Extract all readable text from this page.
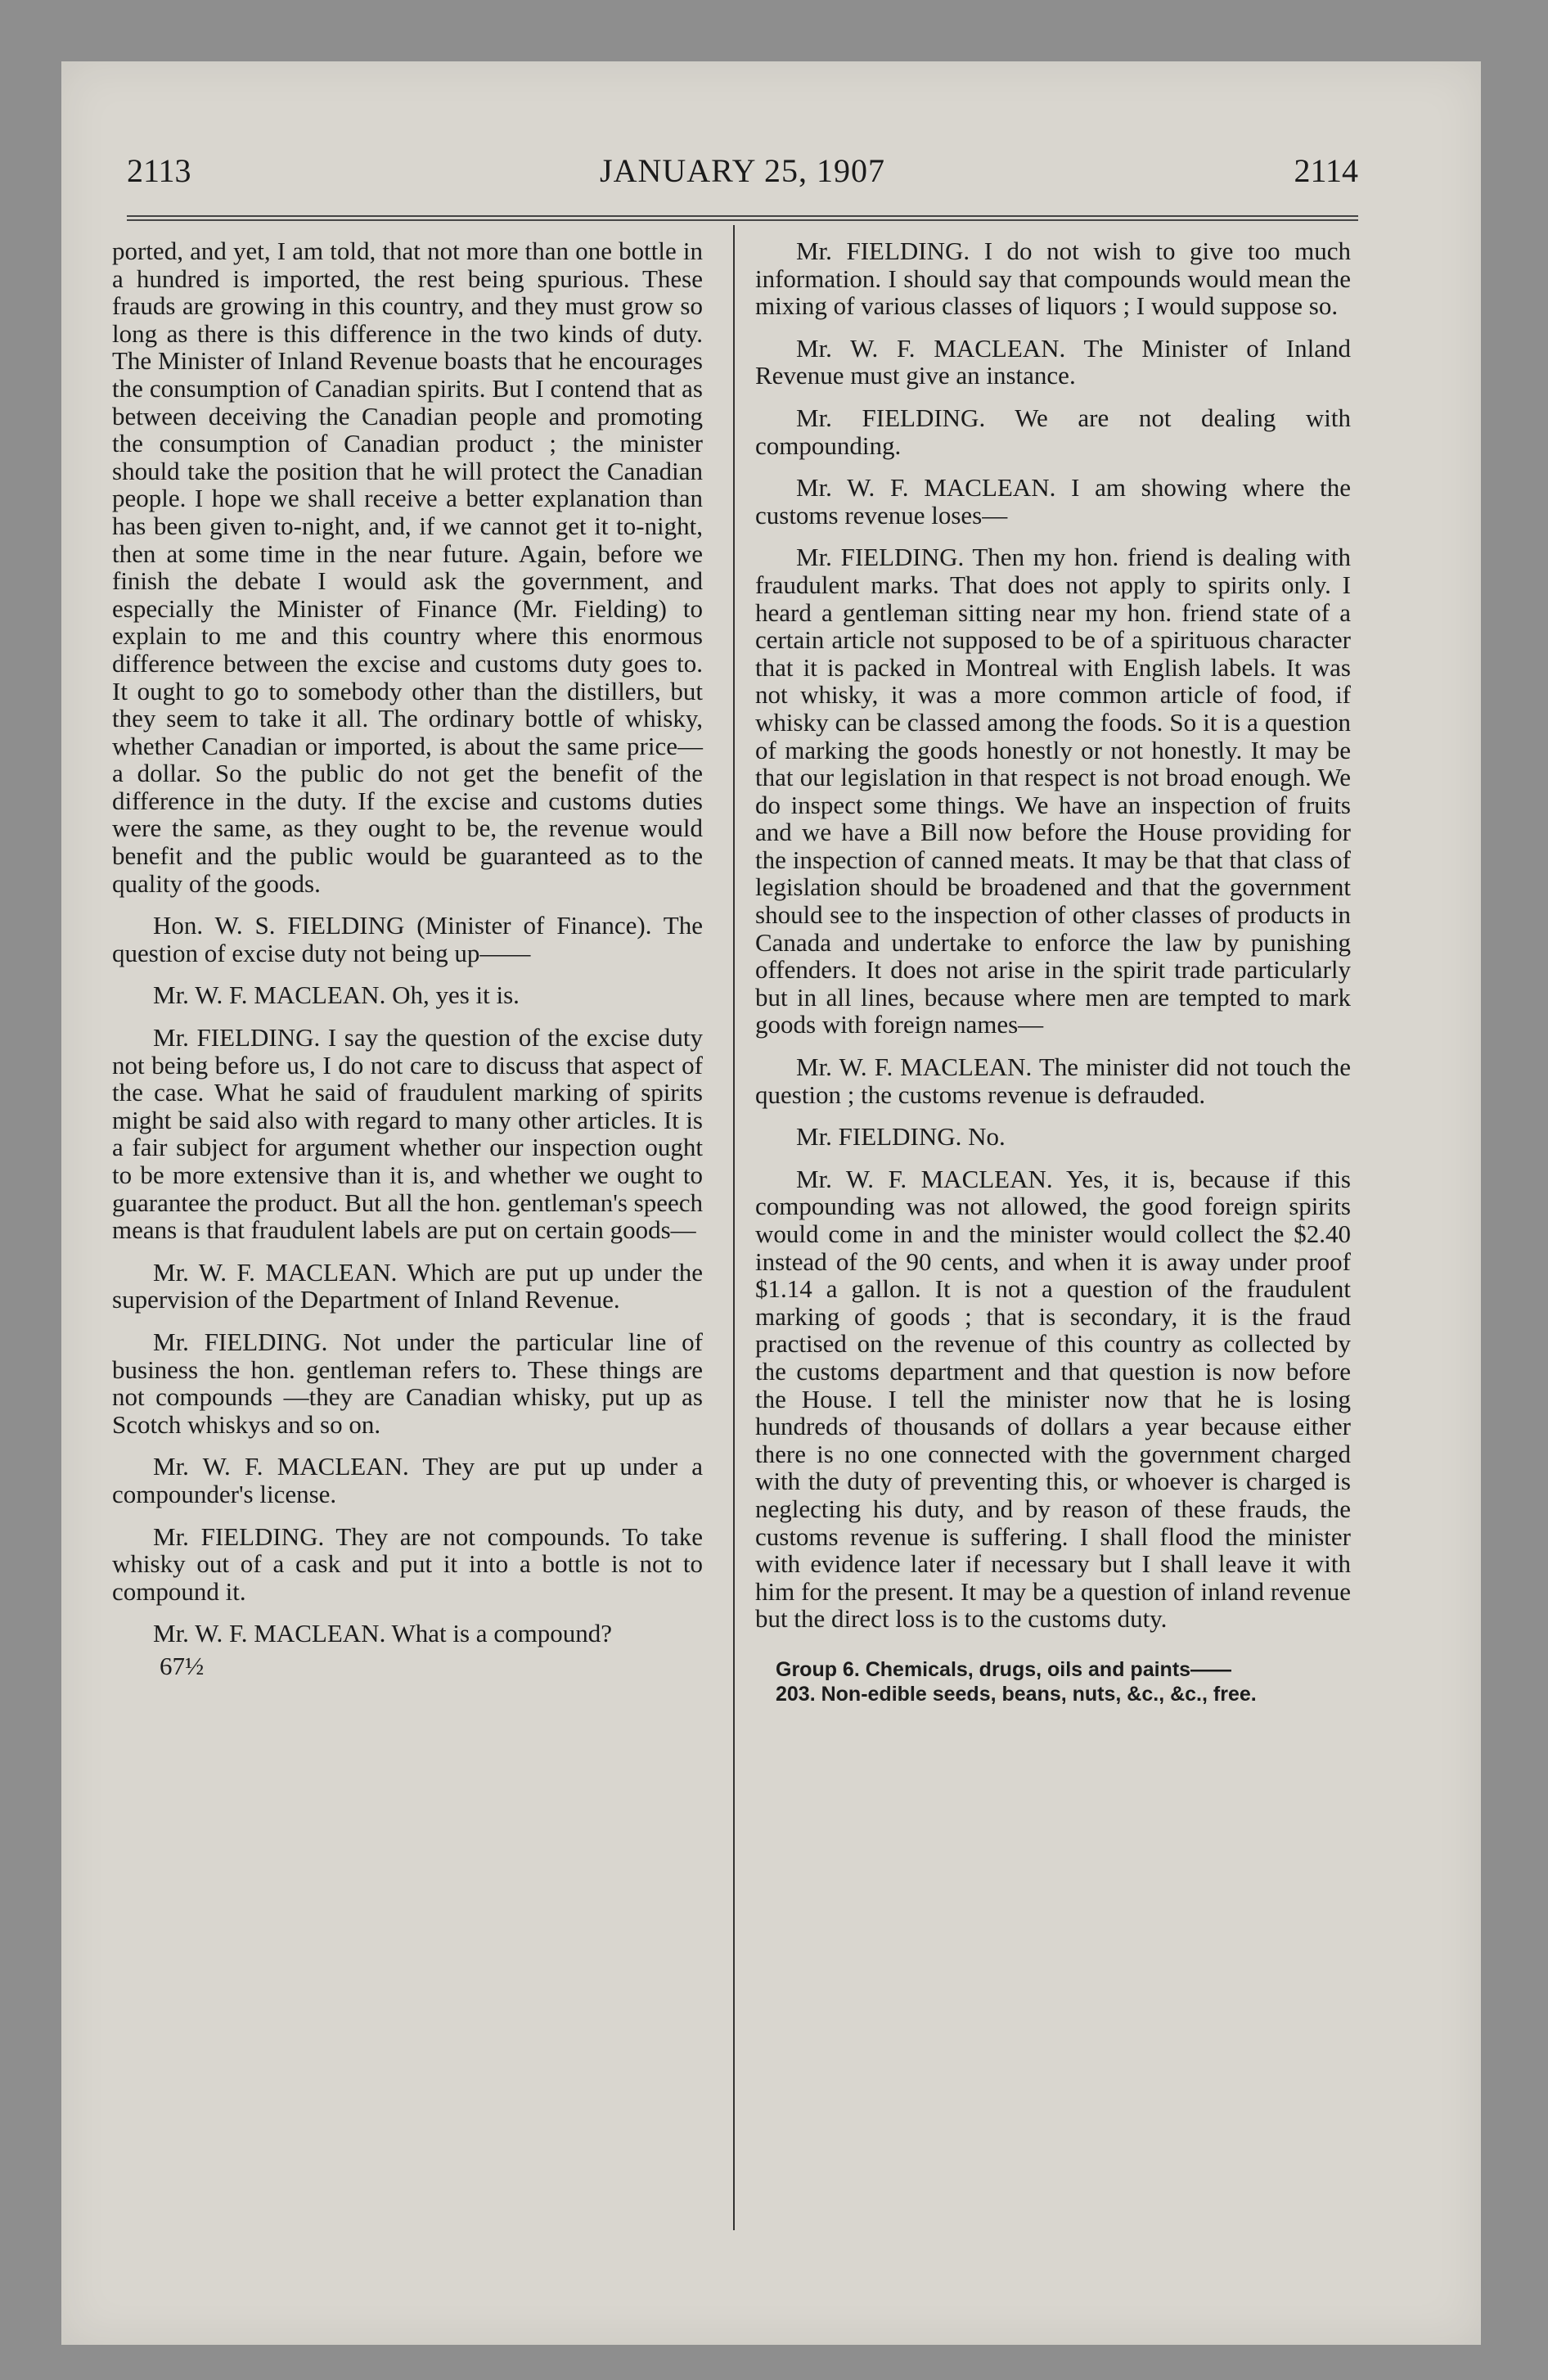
2113	JANUARY 25, 1907	2114

ported, and yet, I am told, that not more than one bottle in a hundred is imported, the rest being spurious. These frauds are growing in this country, and they must grow so long as there is this difference in the two kinds of duty. The Minister of Inland Revenue boasts that he encourages the consumption of Canadian spirits. But I contend that as between deceiving the Canadian people and promoting the consumption of Canadian product ; the minister should take the position that he will protect the Canadian people. I hope we shall receive a better explanation than has been given to-night, and, if we cannot get it to-night, then at some time in the near future. Again, before we finish the debate I would ask the government, and especially the Minister of Finance (Mr. Fielding) to explain to me and this country where this enormous difference between the excise and customs duty goes to. It ought to go to somebody other than the distillers, but they seem to take it all. The ordinary bottle of whisky, whether Canadian or imported, is about the same price—a dollar. So the public do not get the benefit of the difference in the duty. If the excise and customs duties were the same, as they ought to be, the revenue would benefit and the public would be guaranteed as to the quality of the goods.

Hon. W. S. FIELDING (Minister of Finance). The question of excise duty not being up——

Mr. W. F. MACLEAN. Oh, yes it is.

Mr. FIELDING. I say the question of the excise duty not being before us, I do not care to discuss that aspect of the case. What he said of fraudulent marking of spirits might be said also with regard to many other articles. It is a fair subject for argument whether our inspection ought to be more extensive than it is, and whether we ought to guarantee the product. But all the hon. gentleman's speech means is that fraudulent labels are put on certain goods—

Mr. W. F. MACLEAN. Which are put up under the supervision of the Department of Inland Revenue.

Mr. FIELDING. Not under the particular line of business the hon. gentleman refers to. These things are not compounds —they are Canadian whisky, put up as Scotch whiskys and so on.

Mr. W. F. MACLEAN. They are put up under a compounder's license.

Mr. FIELDING. They are not compounds. To take whisky out of a cask and put it into a bottle is not to compound it.

Mr. W. F. MACLEAN. What is a compound?

67½

Mr. FIELDING. I do not wish to give too much information. I should say that compounds would mean the mixing of various classes of liquors ; I would suppose so.

Mr. W. F. MACLEAN. The Minister of Inland Revenue must give an instance.

Mr. FIELDING. We are not dealing with compounding.

Mr. W. F. MACLEAN. I am showing where the customs revenue loses—

Mr. FIELDING. Then my hon. friend is dealing with fraudulent marks. That does not apply to spirits only. I heard a gentleman sitting near my hon. friend state of a certain article not supposed to be of a spirituous character that it is packed in Montreal with English labels. It was not whisky, it was a more common article of food, if whisky can be classed among the foods. So it is a question of marking the goods honestly or not honestly. It may be that our legislation in that respect is not broad enough. We do inspect some things. We have an inspection of fruits and we have a Bill now before the House providing for the inspection of canned meats. It may be that that class of legislation should be broadened and that the government should see to the inspection of other classes of products in Canada and undertake to enforce the law by punishing offenders. It does not arise in the spirit trade particularly but in all lines, because where men are tempted to mark goods with foreign names—

Mr. W. F. MACLEAN. The minister did not touch the question ; the customs revenue is defrauded.

Mr. FIELDING. No.

Mr. W. F. MACLEAN. Yes, it is, because if this compounding was not allowed, the good foreign spirits would come in and the minister would collect the $2.40 instead of the 90 cents, and when it is away under proof $1.14 a gallon. It is not a question of the fraudulent marking of goods ; that is secondary, it is the fraud practised on the revenue of this country as collected by the customs department and that question is now before the House. I tell the minister now that he is losing hundreds of thousands of dollars a year because either there is no one connected with the government charged with the duty of preventing this, or whoever is charged is neglecting his duty, and by reason of these frauds, the customs revenue is suffering. I shall flood the minister with evidence later if necessary but I shall leave it with him for the present. It may be a question of inland revenue but the direct loss is to the customs duty.

Group 6. Chemicals, drugs, oils and paints——
203. Non-edible seeds, beans, nuts, &c., &c., free.
